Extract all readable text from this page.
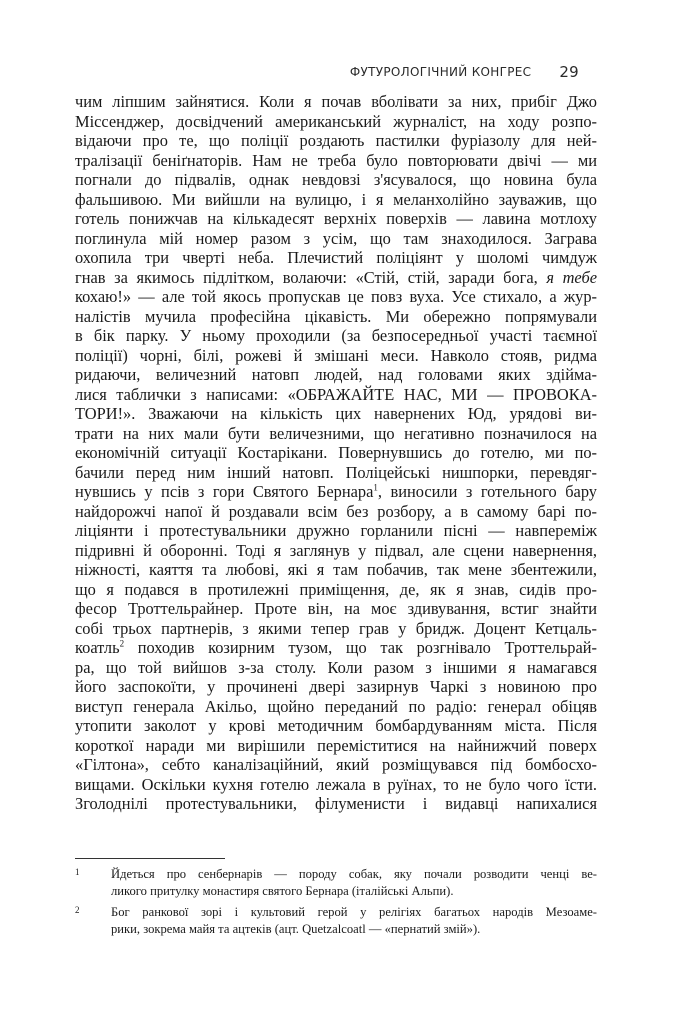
ФУТУРОЛОГІЧНИЙ КОНГРЕС 29
чим ліпшим зайнятися. Коли я почав вболівати за них, прибіг Джо
Міссенджер, досвідчений американський журналіст, на ходу розпо-
відаючи про те, що поліції роздають пастилки фуріазолу для ней-
тралізації беніґнаторів. Нам не треба було повторювати двічі — ми
погнали до підвалів, однак невдовзі з'ясувалося, що новина була
фальшивою. Ми вийшли на вулицю, і я меланхолійно зауважив, що
готель понижчав на кількадесят верхніх поверхів — лавина мотлоху
поглинула мій номер разом з усім, що там знаходилося. Заграва
охопила три чверті неба. Плечистий поліціянт у шоломі чимдуж
гнав за якимось підлітком, волаючи: «Стій, стій, заради бога, я тебе
кохаю!» — але той якось пропускав це повз вуха. Усе стихало, а жур-
налістів мучила професійна цікавість. Ми обережно попрямували
в бік парку. У ньому проходили (за безпосередньої участі таємної
поліції) чорні, білі, рожеві й змішані меси. Навколо стояв, ридма
ридаючи, величезний натовп людей, над головами яких здійма-
лися таблички з написами: «ОБРАЖАЙТЕ НАС, МИ — ПРОВОКА-
ТОРИ!». Зважаючи на кількість цих навернених Юд, урядові ви-
трати на них мали бути величезними, що негативно позначилося на
економічній ситуації Костарікани. Повернувшись до готелю, ми по-
бачили перед ним інший натовп. Поліцейські нишпорки, перевдяг-
нувшись у псів з гори Святого Бернара$^1$, виносили з готельного бару
найдорожчі напої й роздавали всім без розбору, а в самому барі по-
ліціянти і протестувальники дружно горланили пісні — навпереміж
підривні й оборонні. Тоді я заглянув у підвал, але сцени навернення,
ніжності, каяття та любові, які я там побачив, так мене збентежили,
що я подався в протилежні приміщення, де, як я знав, сидів про-
фесор Троттельрайнер. Проте він, на моє здивування, встиг знайти
собі трьох партнерів, з якими тепер грав у бридж. Доцент Кетцаль-
коатль$^2$ походив козирним тузом, що так розгнівало Троттельрай-
ра, що той вийшов з-за столу. Коли разом з іншими я намагався
його заспокоїти, у прочинені двері зазирнув Чаркі з новиною про
виступ генерала Акільо, щойно переданий по радіо: генерал обіцяв
утопити заколот у крові методичним бомбардуванням міста. Після
короткої наради ми вирішили переміститися на найнижчий поверх
«Гілтона», себто каналізаційний, який розміщувався під бомбосхо-
вищами. Оскільки кухня готелю лежала в руїнах, то не було чого їсти.
Зголоднілі протестувальники, філуменисти і видавці напихалися
1	Йдеться про сенбернарів — породу собак, яку почали розводити ченці ве-
ликого притулку монастиря святого Бернара (італійські Альпи).
2	Бог ранкової зорі і культовий герой у релігіях багатьох народів Мезоаме-
рики, зокрема майя та ацтеків (ацт. Quetzalcoatl — «пернатий змій»).
